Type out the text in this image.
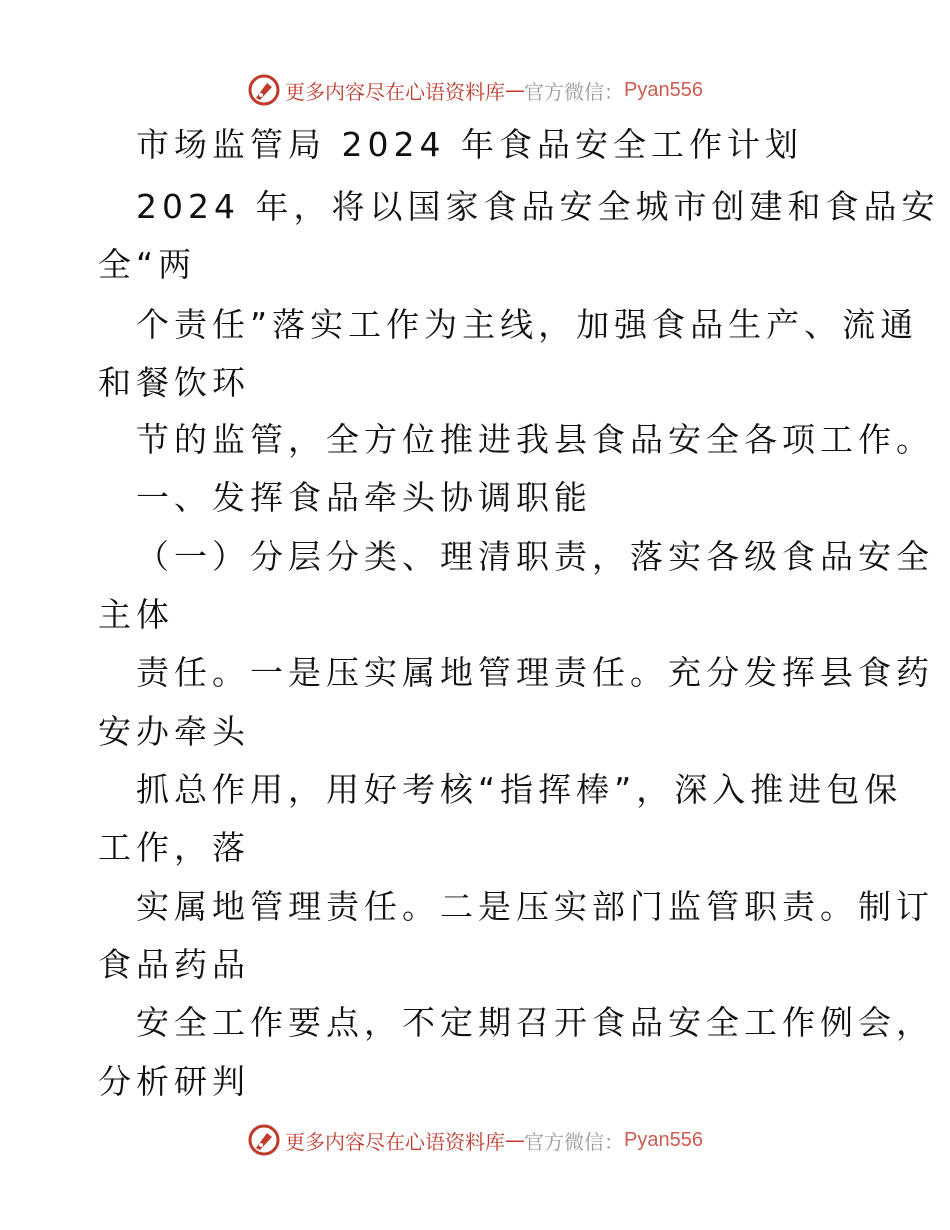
更多内容尽在心语资料库 — 官方微信： Pyan556
市场监管局 2024 年食品安全工作计划
2024 年，将以国家食品安全城市创建和食品安
全“两
个责任”落实工作为主线，加强食品生产、流通
和餐饮环
节的监管，全方位推进我县食品安全各项工作。
一、发挥食品牵头协调职能
（一）分层分类、理清职责，落实各级食品安全
主体
责任。一是压实属地管理责任。充分发挥县食药
安办牵头
抓总作用，用好考核“指挥棒”，深入推进包保
工作，落
实属地管理责任。二是压实部门监管职责。制订
食品药品
安全工作要点，不定期召开食品安全工作例会，
分析研判
更多内容尽在心语资料库 — 官方微信： Pyan556
